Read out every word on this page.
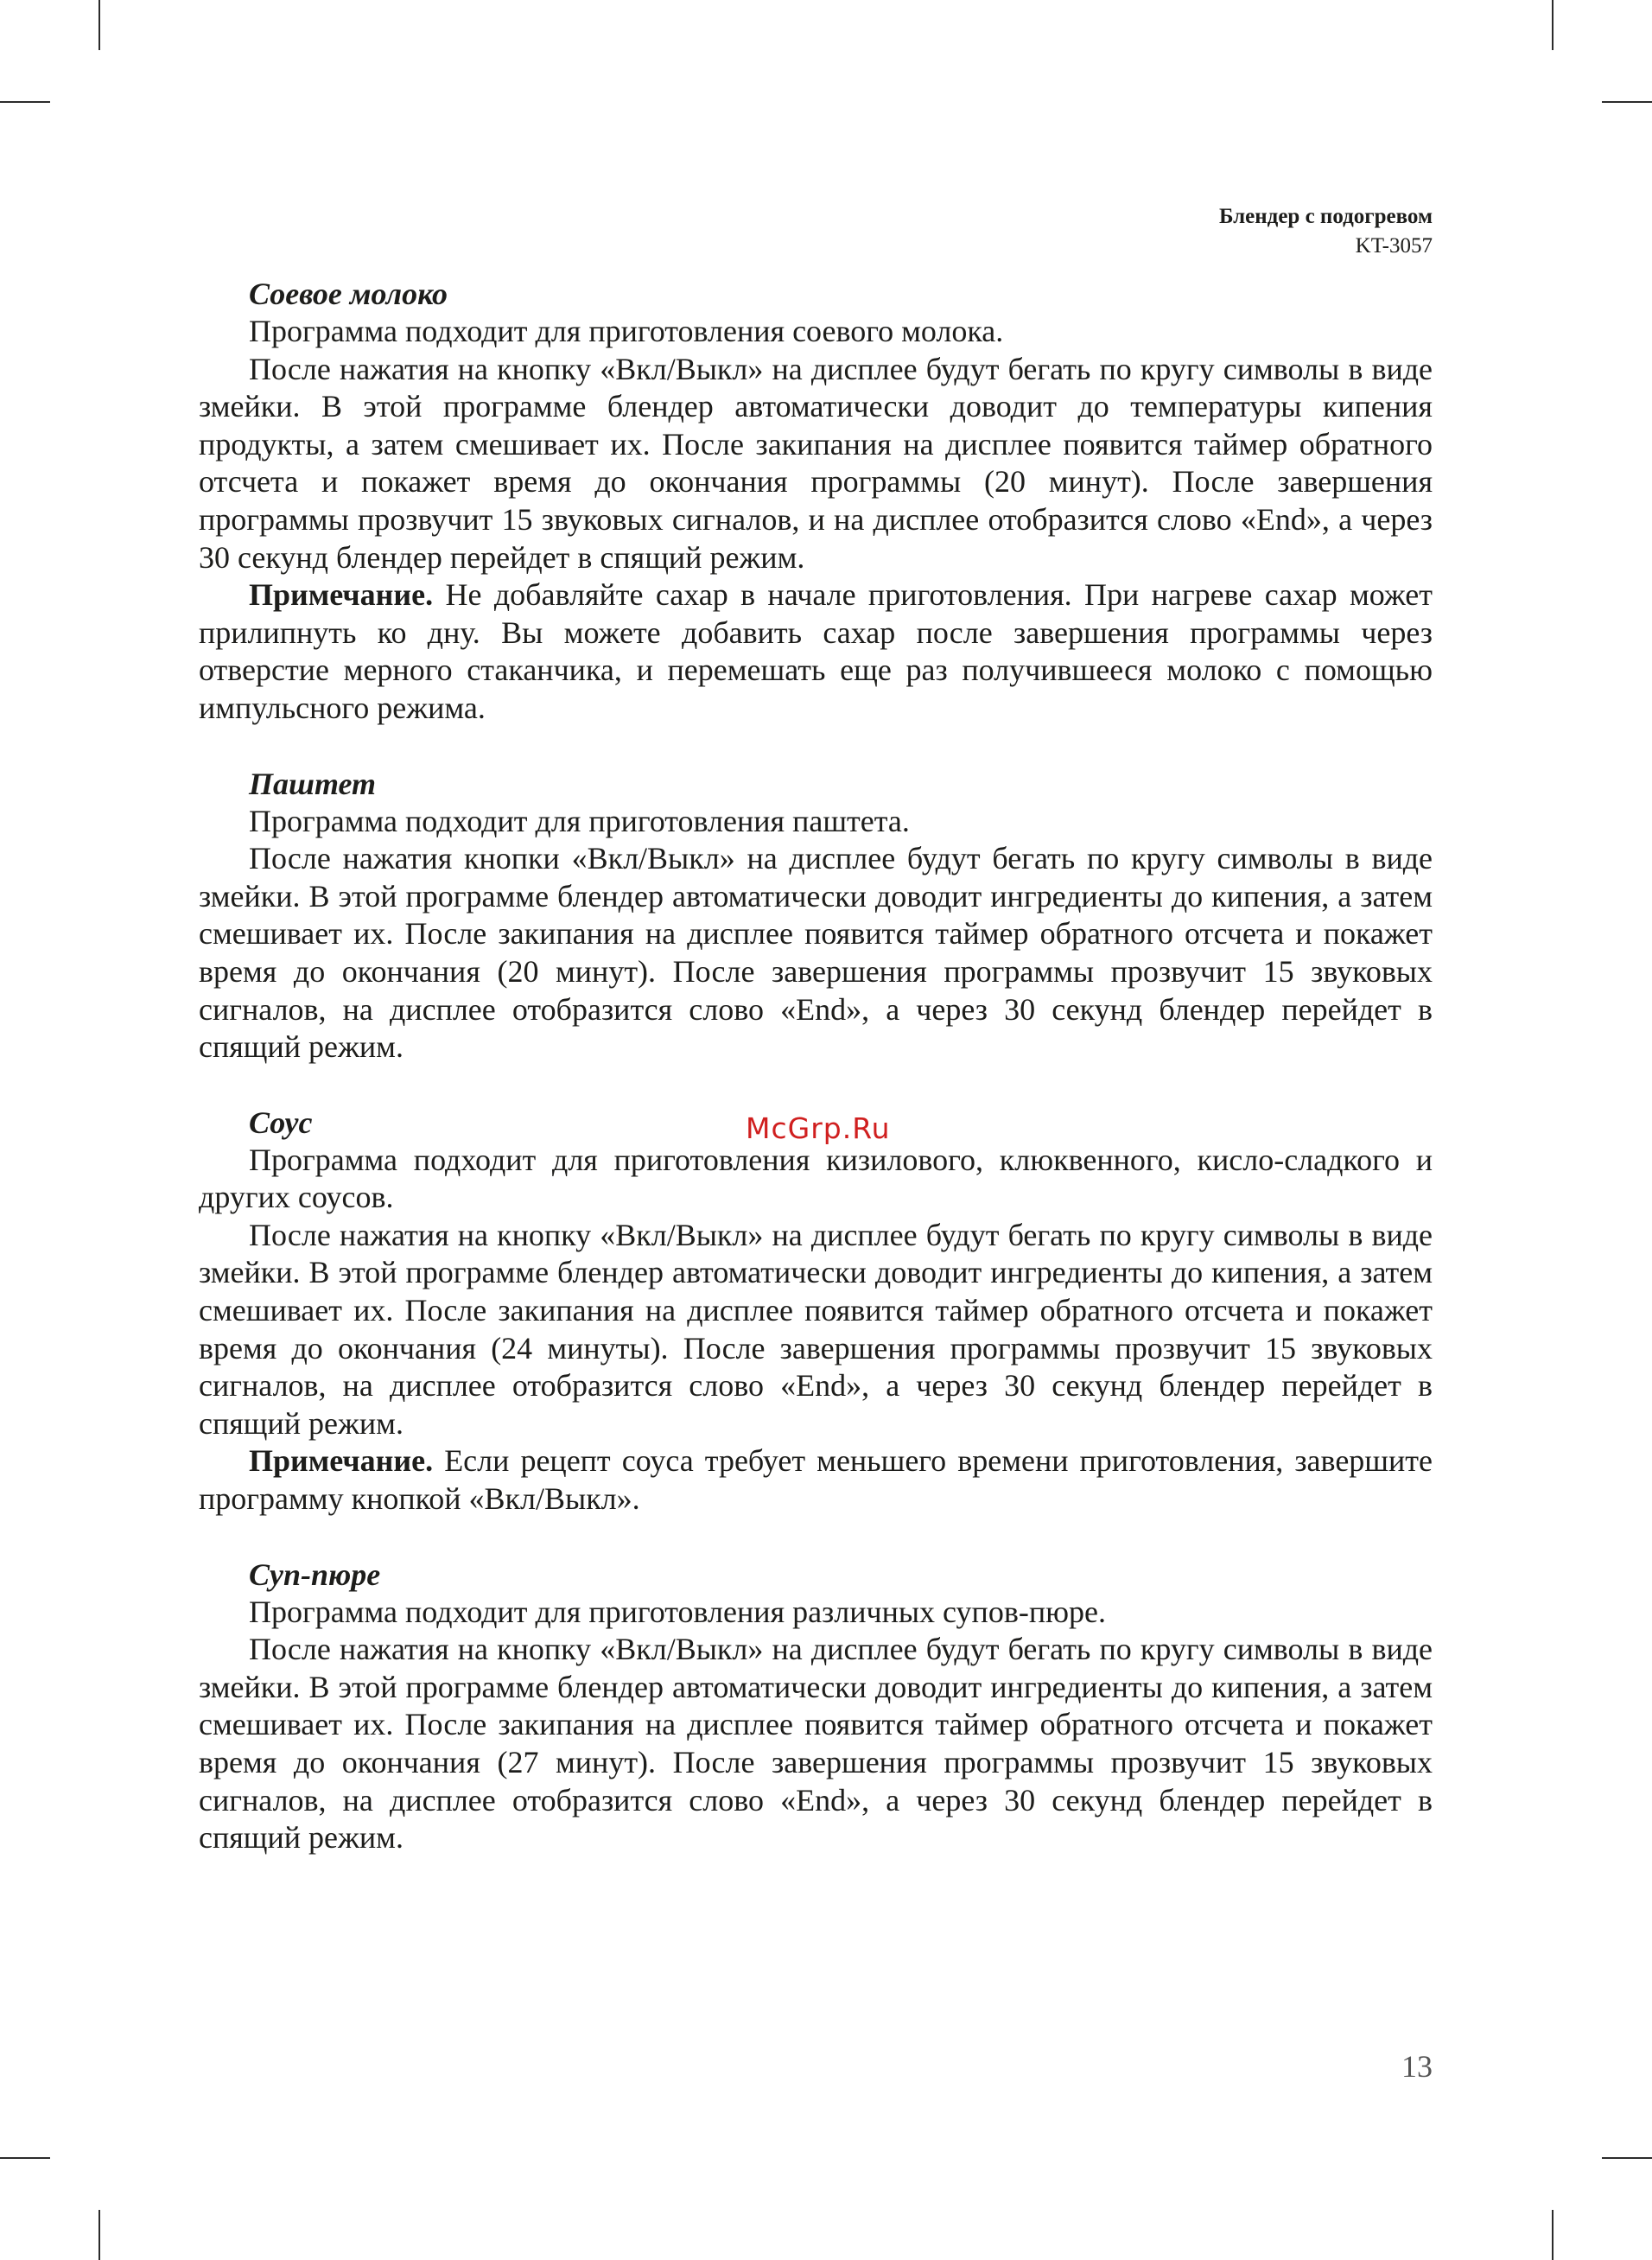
Блендер с подогревом
KT-3057
Соевое молоко

Программа подходит для приготовления соевого молока.

После нажатия на кнопку «Вкл/Выкл» на дисплее будут бегать по кругу символы в виде змейки. В этой программе блендер автоматически доводит до температуры кипения продукты, а затем смешивает их. После закипания на дисплее появится таймер обратного отсчета и покажет время до окончания программы (20 минут). После завершения программы прозвучит 15 звуковых сигналов, и на дисплее отобразится слово «End», а через 30 секунд блендер перейдет в спящий режим.

Примечание. Не добавляйте сахар в начале приготовления. При нагреве сахар может прилипнуть ко дну. Вы можете добавить сахар после завершения программы через отверстие мерного стаканчика, и перемешать еще раз получившееся молоко с помощью импульсного режима.

Паштет

Программа подходит для приготовления паштета.

После нажатия кнопки «Вкл/Выкл» на дисплее будут бегать по кругу символы в виде змейки. В этой программе блендер автоматически доводит ингредиенты до кипения, а затем смешивает их. После закипания на дисплее появится таймер обратного отсчета и покажет время до окончания (20 минут). После завершения программы прозвучит 15 звуковых сигналов, на дисплее отобразится слово «End», а через 30 секунд блендер перейдет в спящий режим.

Соус

Программа подходит для приготовления кизилового, клюквенного, кисло-сладкого и других соусов.

После нажатия на кнопку «Вкл/Выкл» на дисплее будут бегать по кругу символы в виде змейки. В этой программе блендер автоматически доводит ингредиенты до кипения, а затем смешивает их. После закипания на дисплее появится таймер обратного отсчета и покажет время до окончания (24 минуты). После завершения программы прозвучит 15 звуковых сигналов, на дисплее отобразится слово «End», а через 30 секунд блендер перейдет в спящий режим.

Примечание. Если рецепт соуса требует меньшего времени приготовления, завершите программу кнопкой «Вкл/Выкл».

Суп-пюре

Программа подходит для приготовления различных супов-пюре.

После нажатия на кнопку «Вкл/Выкл» на дисплее будут бегать по кругу символы в виде змейки. В этой программе блендер автоматически доводит ингредиенты до кипения, а затем смешивает их. После закипания на дисплее появится таймер обратного отсчета и покажет время до окончания (27 минут). После завершения программы прозвучит 15 звуковых сигналов, на дисплее отобразится слово «End», а через 30 секунд блендер перейдет в спящий режим.

McGrp.Ru
13
